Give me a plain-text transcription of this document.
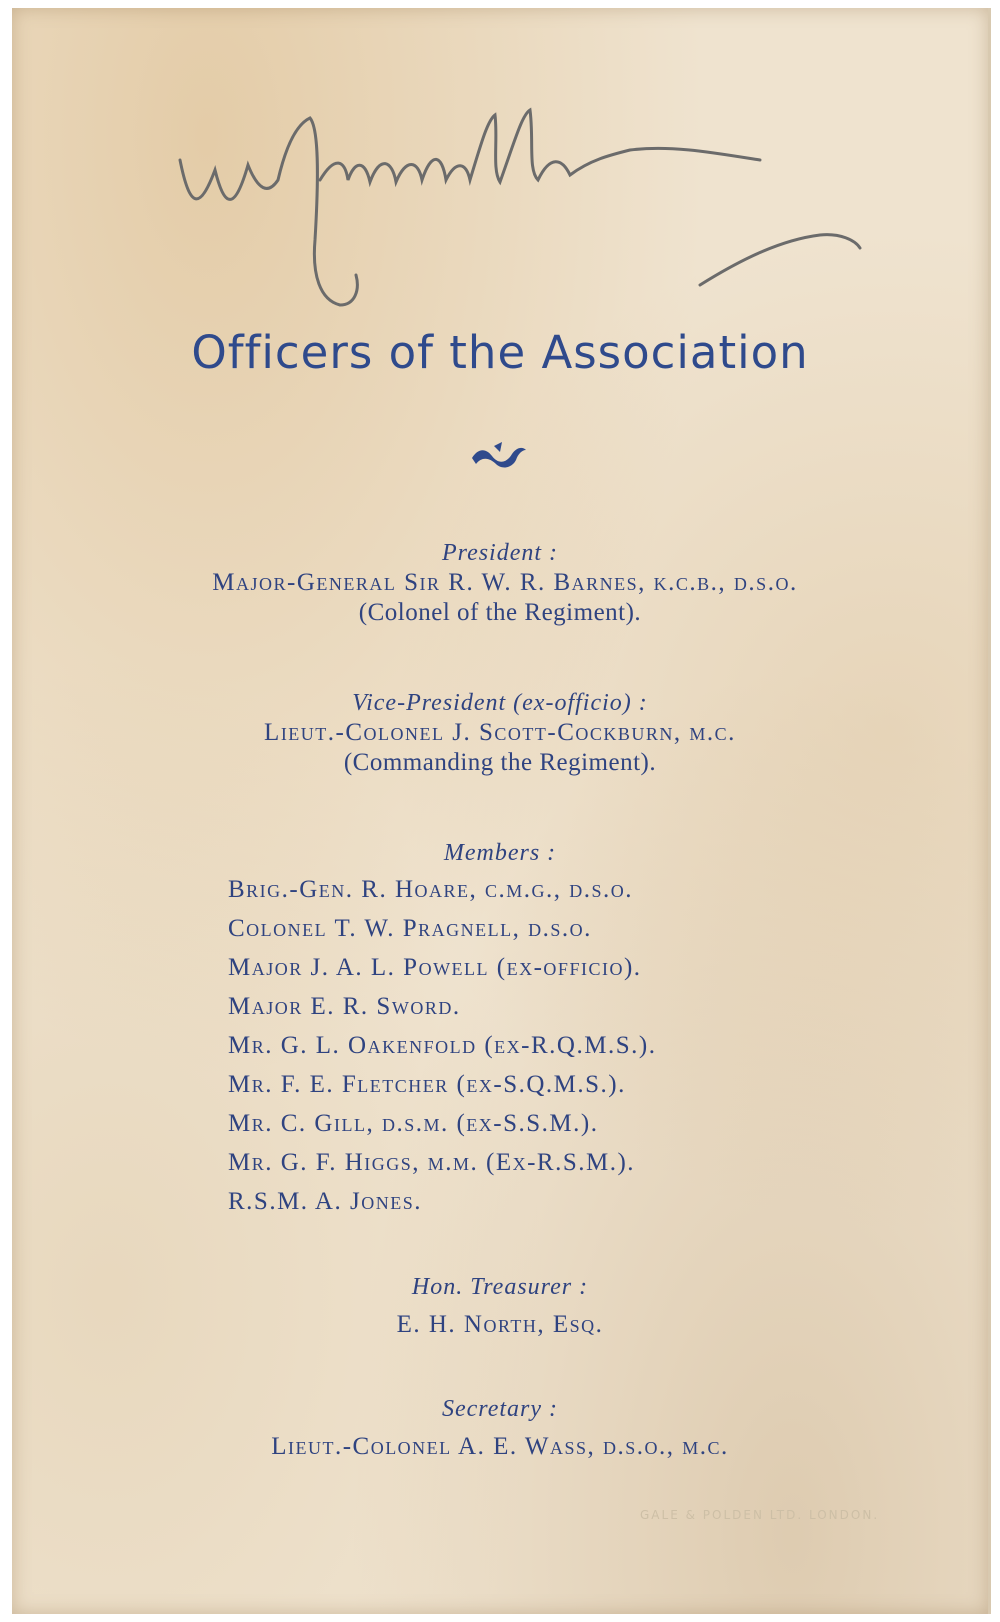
Officers of the Association
President :
Major-General Sir R. W. R. Barnes, k.c.b., d.s.o.
(Colonel of the Regiment).
Vice-President (ex-officio) :
Lieut.-Colonel J. Scott-Cockburn, m.c.
(Commanding the Regiment).
Members :
Brig.-Gen. R. Hoare, c.m.g., d.s.o.
Colonel T. W. Pragnell, d.s.o.
Major J. A. L. Powell (ex-officio).
Major E. R. Sword.
Mr. G. L. Oakenfold (ex-R.Q.M.S.).
Mr. F. E. Fletcher (ex-S.Q.M.S.).
Mr. C. Gill, d.s.m. (ex-S.S.M.).
Mr. G. F. Higgs, m.m. (Ex-R.S.M.).
R.S.M. A. Jones.
Hon. Treasurer :
E. H. North, Esq.
Secretary :
Lieut.-Colonel A. E. Wass, d.s.o., m.c.
GALE & POLDEN LTD. LONDON.
